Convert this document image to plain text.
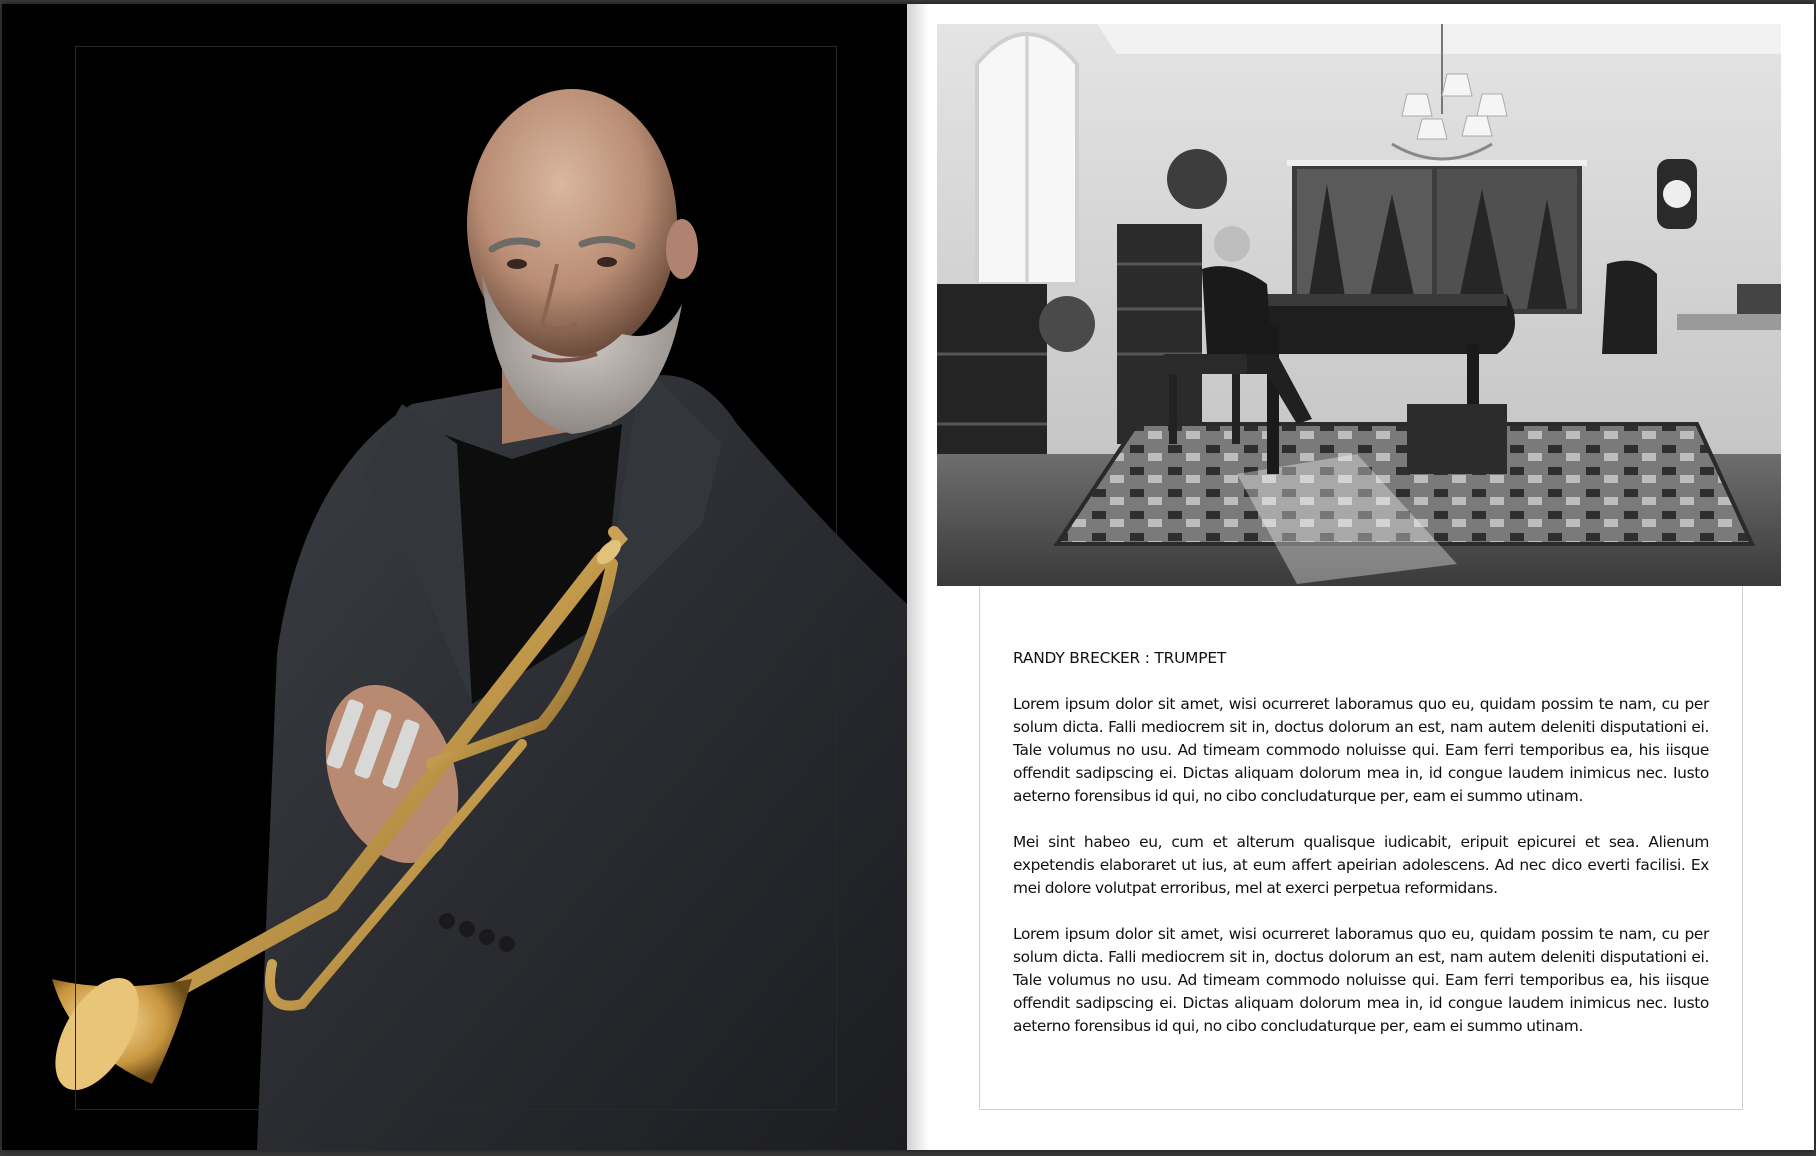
RANDY BRECKER : TRUMPET

Lorem ipsum dolor sit amet, wisi ocurreret laboramus quo eu, quidam possim te nam, cu per solum dicta. Falli mediocrem sit in, doctus dolorum an est, nam autem deleniti disputationi ei. Tale volumus no usu. Ad timeam commodo noluisse qui. Eam ferri temporibus ea, his iisque offendit sadipscing ei. Dictas aliquam dolorum mea in, id congue laudem inimicus nec. Iusto aeterno forensibus id qui, no cibo concludaturque per, eam ei summo utinam.

Mei sint habeo eu, cum et alterum qualisque iudicabit, eripuit epicurei et sea. Alienum expetendis elaboraret ut ius, at eum affert apeirian adolescens. Ad nec dico everti facilisi. Ex mei dolore volutpat erroribus, mel at exerci perpetua reformidans.

Lorem ipsum dolor sit amet, wisi ocurreret laboramus quo eu, quidam possim te nam, cu per solum dicta. Falli mediocrem sit in, doctus dolorum an est, nam autem deleniti disputationi ei. Tale volumus no usu. Ad timeam commodo noluisse qui. Eam ferri temporibus ea, his iisque offendit sadipscing ei. Dictas aliquam dolorum mea in, id congue laudem inimicus nec. Iusto aeterno forensibus id qui, no cibo concludaturque per, eam ei summo utinam.
